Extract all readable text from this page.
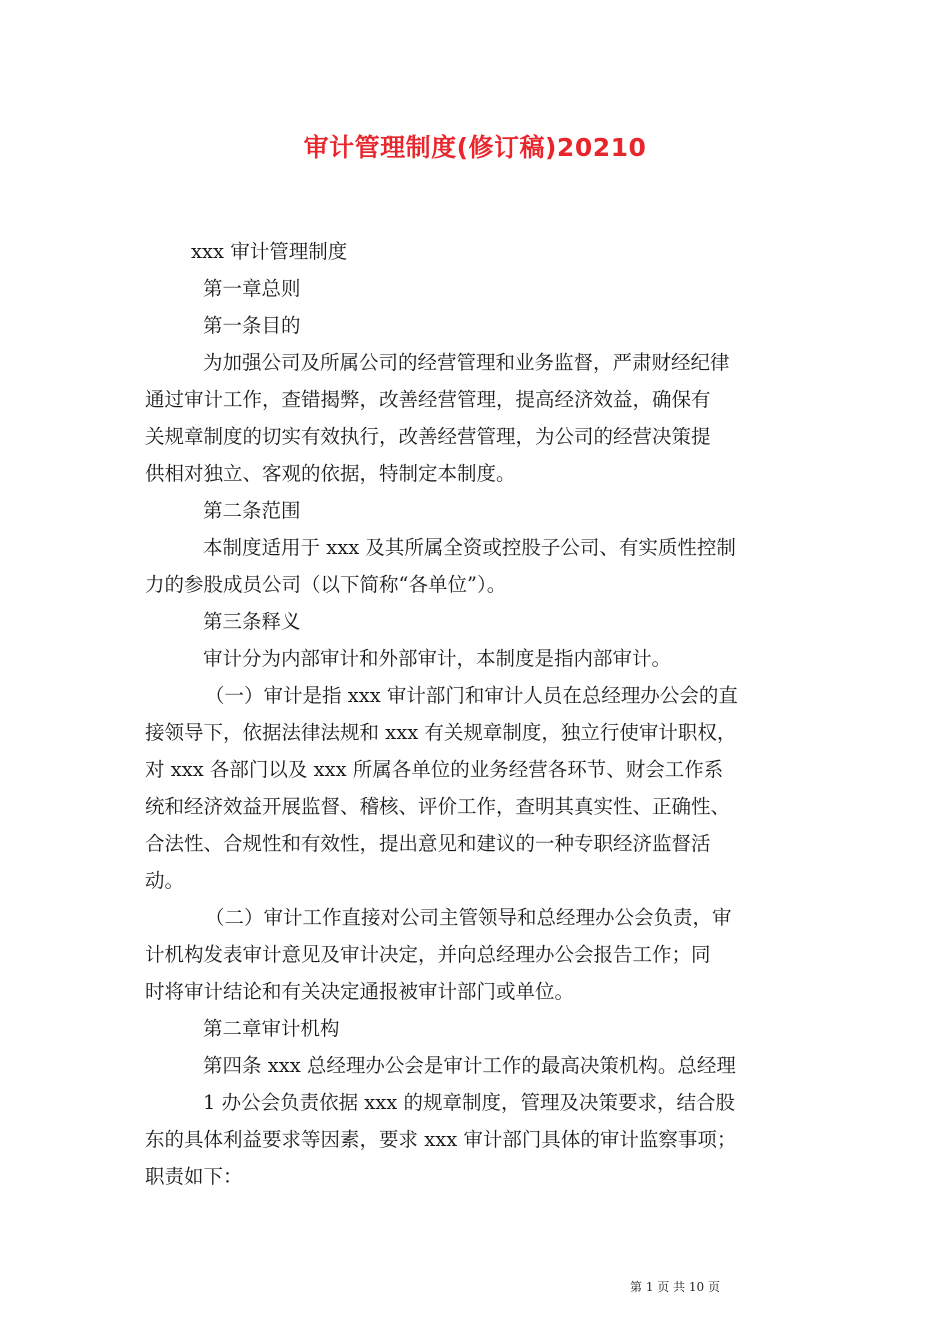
审计管理制度(修订稿)20210
xxx 审计管理制度
第一章总则
第一条目的
为加强公司及所属公司的经营管理和业务监督，严肃财经纪律
通过审计工作，查错揭弊，改善经营管理，提高经济效益，确保有
关规章制度的切实有效执行，改善经营管理，为公司的经营决策提
供相对独立、客观的依据，特制定本制度。
第二条范围
本制度适用于 xxx 及其所属全资或控股子公司、有实质性控制
力的参股成员公司（以下简称“各单位”）。
第三条释义
审计分为内部审计和外部审计，本制度是指内部审计。
（一）审计是指 xxx 审计部门和审计人员在总经理办公会的直
接领导下，依据法律法规和 xxx 有关规章制度，独立行使审计职权，
对 xxx 各部门以及 xxx 所属各单位的业务经营各环节、财会工作系
统和经济效益开展监督、稽核、评价工作，查明其真实性、正确性、
合法性、合规性和有效性，提出意见和建议的一种专职经济监督活
动。
（二）审计工作直接对公司主管领导和总经理办公会负责，审
计机构发表审计意见及审计决定，并向总经理办公会报告工作；同
时将审计结论和有关决定通报被审计部门或单位。
第二章审计机构
第四条 xxx 总经理办公会是审计工作的最高决策机构。总经理
1 办公会负责依据 xxx 的规章制度，管理及决策要求，结合股
东的具体利益要求等因素，要求 xxx 审计部门具体的审计监察事项；
职责如下：
第 1 页 共 10 页
